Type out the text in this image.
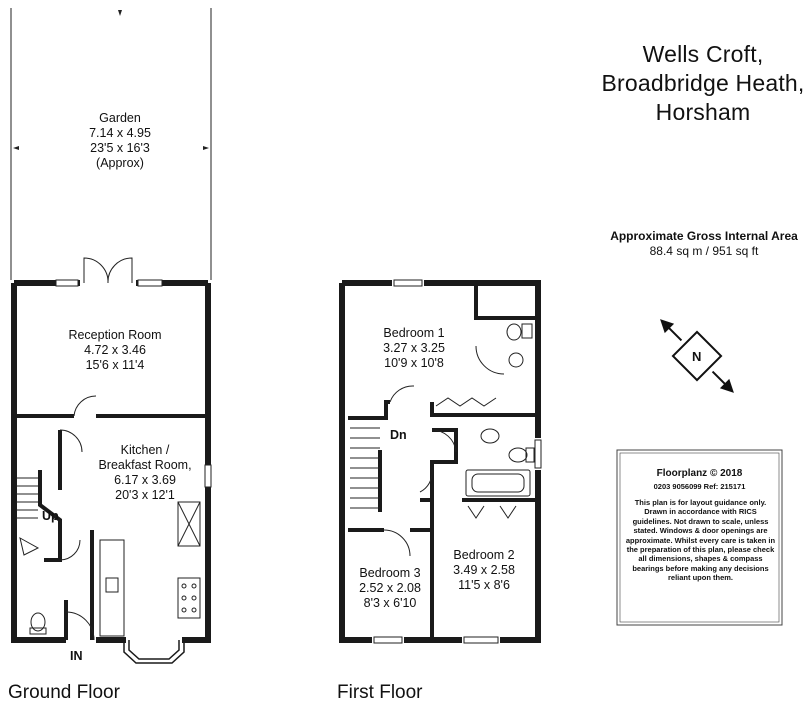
Garden
7.14 x 4.95
23'5 x 16'3
(Approx)
Reception Room
4.72 x 3.46
15'6 x 11'4
Kitchen /
Breakfast Room,
6.17 x 3.69
20'3 x 12'1
Bedroom 1
3.27 x 3.25
10'9 x 10'8
Bedroom 2
3.49 x 2.58
11'5 x 8'6
Bedroom 3
2.52 x 2.08
8'3 x 6'10
Up
Dn
IN
N
Wells Croft,
Broadbridge Heath,
Horsham
Approximate Gross Internal Area
88.4 sq m / 951 sq ft
Ground Floor	First Floor
Floorplanz © 2018
0203 9056099 Ref: 215171
This plan is for layout guidance only. Drawn in accordance with RICS guidelines. Not drawn to scale, unless stated. Windows & door openings are approximate. Whilst every care is taken in the preparation of this plan, please check all dimensions, shapes & compass bearings before making any decisions reliant upon them.
